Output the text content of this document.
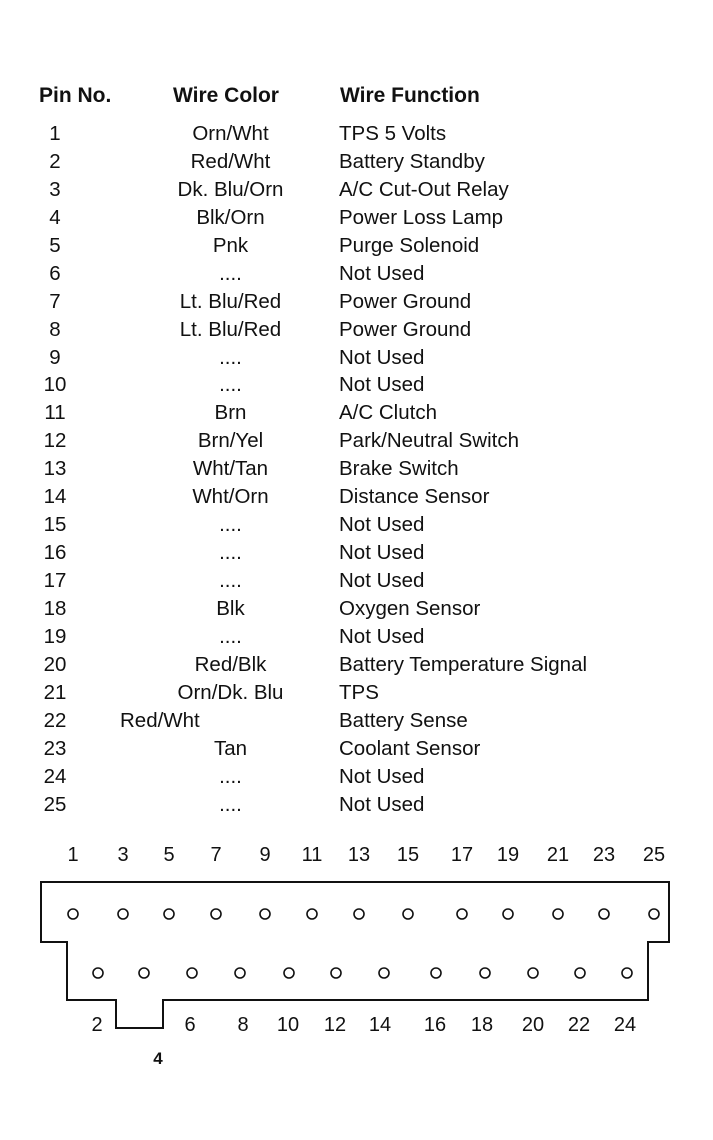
Pin No.	Wire Color	Wire Function
1	Orn/Wht	TPS 5 Volts
2	Red/Wht	Battery Standby
3	Dk. Blu/Orn	A/C Cut-Out Relay
4	Blk/Orn	Power Loss Lamp
5	Pnk	Purge Solenoid
6	....	Not Used
7	Lt. Blu/Red	Power Ground
8	Lt. Blu/Red	Power Ground
9	....	Not Used
10	....	Not Used
11	Brn	A/C Clutch
12	Brn/Yel	Park/Neutral Switch
13	Wht/Tan	Brake Switch
14	Wht/Orn	Distance Sensor
15	....	Not Used
16	....	Not Used
17	....	Not Used
18	Blk	Oxygen Sensor
19	....	Not Used
20	Red/Blk	Battery Temperature Signal
21	Orn/Dk. Blu	TPS
22	Red/Wht	Battery Sense
23	Tan	Coolant Sensor
24	....	Not Used
25	....	Not Used
1 3 5 7 9 11 13 15 17 19 21 23 25
2	6 8 10 12 14 16 18 20 22 24
4
